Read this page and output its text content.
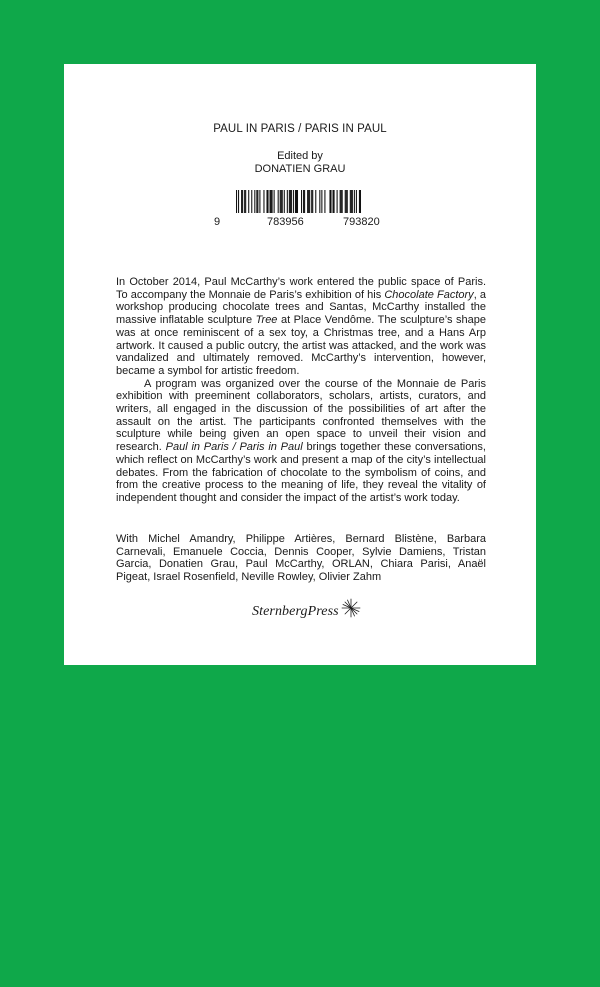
PAUL IN PARIS / PARIS IN PAUL
Edited by
DONATIEN GRAU
9	783956	793820

In October 2014, Paul McCarthy’s work entered the public space of Paris. To accompany the Monnaie de Paris’s exhibition of his Chocolate Factory, a workshop producing chocolate trees and Santas, McCarthy installed the massive inflatable sculpture Tree at Place Vendôme. The sculpture’s shape was at once reminiscent of a sex toy, a Christmas tree, and a Hans Arp artwork. It caused a public outcry, the artist was attacked, and the work was vandalized and ultimately removed. McCarthy’s intervention, however, became a symbol for artistic freedom.

A program was organized over the course of the Monnaie de Paris exhibition with preeminent collaborators, scholars, artists, curators, and writers, all engaged in the discussion of the possibilities of art after the assault on the artist. The participants confronted themselves with the sculpture while being given an open space to unveil their vision and research. Paul in Paris / Paris in Paul brings together these conversations, which reflect on McCarthy’s work and present a map of the city’s intellectual debates. From the fabrication of chocolate to the symbolism of coins, and from the creative process to the meaning of life, they reveal the vitality of independent thought and consider the impact of the artist’s work today.

With Michel Amandry, Philippe Artières, Bernard Blistène, Barbara Carnevali, Emanuele Coccia, Dennis Cooper, Sylvie Damiens, Tristan Garcia, Donatien Grau, Paul McCarthy, ORLAN, Chiara Parisi, Anaël Pigeat, Israel Rosenfield, Neville Rowley, Olivier Zahm

SternbergPress
